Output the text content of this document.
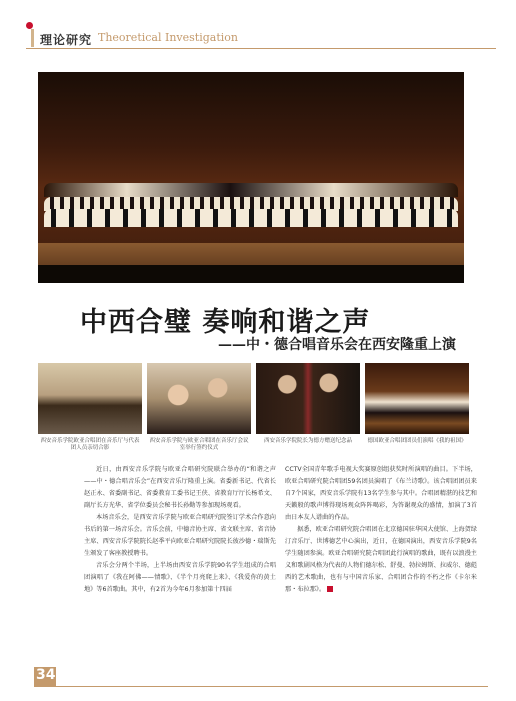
理论研究 Theoretical Investigation
中西合璧 奏响和谐之声
——中・德合唱音乐会在西安隆重上演
西安音乐学院欧亚合唱团在音乐厅与代表团人员亲切合影
西安音乐学院与欧亚合唱团在音乐厅会议室举行签约仪式
西安音乐学院院长为德方赠送纪念品	德国欧亚合唱团团员们演唱《我的祖国》

近日，由西安音乐学院与欧亚合唱研究院联合举办的“和谐之声——中・德合唱音乐会”在西安音乐厅隆重上演。省委新书记、代省长赵正永、省委副书记、省委教育工委书记王侠、省教育厅厅长杨希文、副厅长方光华、省学位委员会秘书长孙勤等参加现场观看。

本场音乐会，是西安音乐学院与欧亚合唱研究院签订学术合作意向书后的第一场音乐会。音乐会前，中德音协主席、省文联主席、省音协主席、西安音乐学院院长赵季平向欧亚合唱研究院院长彼沙德・瑞斯先生颁发了客座教授聘书。

音乐会分两个半场，上半场由西安音乐学院90名学生组成的合唱团演唱了《我在阿佛——情歌》、《半个月亮爬上来》、《我爱你的黄土地》等6首歌曲。其中，有2首为今年6月参加第十四届

CCTV全国青年歌手电视大奖赛原创组获奖时所演唱的曲目。下半场，欧亚合唱研究院合唱团59名团员演唱了《布兰诗歌》。该合唱团团员来自7个国家，西安音乐学院有13名学生参与其中。合唱团精湛的技艺和天籁般的歌声博得现场观众阵阵喝彩，为答谢观众的盛情，加演了3首由日本友人谱曲的作品。

据悉，欧亚合唱研究院合唱团在北京德国驻华国大使馆、上海贺绿汀音乐厅、世博德艺中心演出，近日，在德国演出，西安音乐学院9名学生随团参演。欧亚合唱研究院合唱团此行演唱的歌曲，既有以浪漫主义和歌剧风格为代表的人物们德尔松、舒曼、勃拉姆斯、拉威尔、德彪西的艺术歌曲，也有与中国音乐家、合唱团合作的不朽之作《卡尔米那・布拉那》。

34
